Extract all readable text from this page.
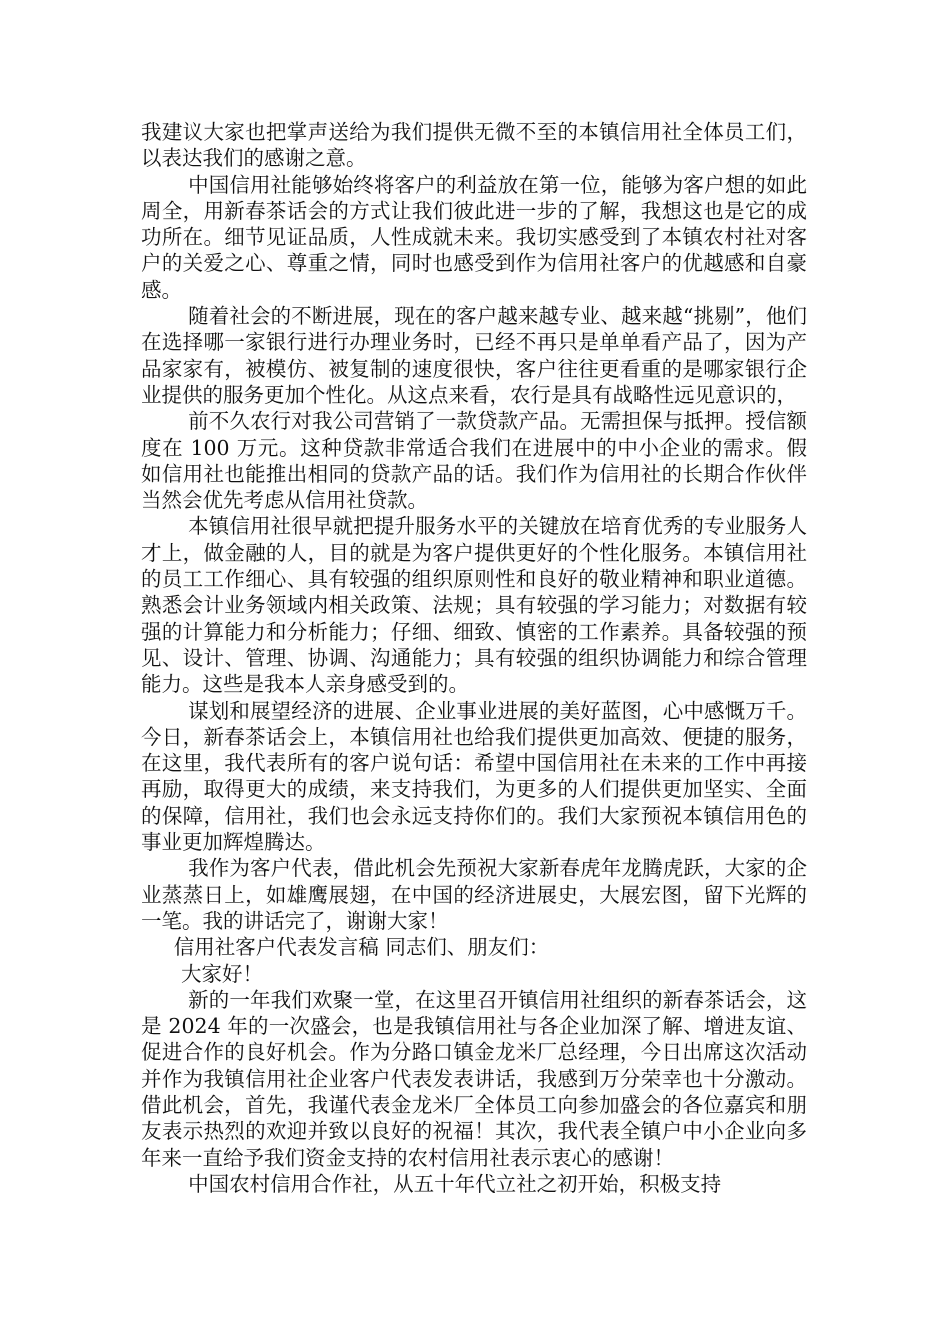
我建议大家也把掌声送给为我们提供无微不至的本镇信用社全体员工们，以表达我们的感谢之意。

中国信用社能够始终将客户的利益放在第一位，能够为客户想的如此周全，用新春茶话会的方式让我们彼此进一步的了解，我想这也是它的成功所在。细节见证品质，人性成就未来。我切实感受到了本镇农村社对客户的关爱之心、尊重之情，同时也感受到作为信用社客户的优越感和自豪感。

随着社会的不断进展，现在的客户越来越专业、越来越“挑剔”，他们在选择哪一家银行进行办理业务时，已经不再只是单单看产品了，因为产品家家有，被模仿、被复制的速度很快，客户往往更看重的是哪家银行企业提供的服务更加个性化。从这点来看，农行是具有战略性远见意识的，

前不久农行对我公司营销了一款贷款产品。无需担保与抵押。授信额度在 100 万元。这种贷款非常适合我们在进展中的中小企业的需求。假如信用社也能推出相同的贷款产品的话。我们作为信用社的长期合作伙伴当然会优先考虑从信用社贷款。

本镇信用社很早就把提升服务水平的关键放在培育优秀的专业服务人才上，做金融的人，目的就是为客户提供更好的个性化服务。本镇信用社的员工工作细心、具有较强的组织原则性和良好的敬业精神和职业道德。熟悉会计业务领域内相关政策、法规；具有较强的学习能力；对数据有较强的计算能力和分析能力；仔细、细致、慎密的工作素养。具备较强的预见、设计、管理、协调、沟通能力；具有较强的组织协调能力和综合管理能力。这些是我本人亲身感受到的。

谋划和展望经济的进展、企业事业进展的美好蓝图，心中感慨万千。今日，新春茶话会上，本镇信用社也给我们提供更加高效、便捷的服务，在这里，我代表所有的客户说句话：希望中国信用社在未来的工作中再接再励，取得更大的成绩，来支持我们，为更多的人们提供更加坚实、全面的保障，信用社，我们也会永远支持你们的。我们大家预祝本镇信用色的事业更加辉煌腾达。

我作为客户代表，借此机会先预祝大家新春虎年龙腾虎跃，大家的企业蒸蒸日上，如雄鹰展翅，在中国的经济进展史，大展宏图，留下光辉的一笔。我的讲话完了，谢谢大家！

信用社客户代表发言稿 同志们、朋友们：

大家好！

新的一年我们欢聚一堂，在这里召开镇信用社组织的新春茶话会，这是 2024 年的一次盛会，也是我镇信用社与各企业加深了解、增进友谊、促进合作的良好机会。作为分路口镇金龙米厂总经理，今日出席这次活动并作为我镇信用社企业客户代表发表讲话，我感到万分荣幸也十分激动。借此机会，首先，我谨代表金龙米厂全体员工向参加盛会的各位嘉宾和朋友表示热烈的欢迎并致以良好的祝福！其次，我代表全镇户中小企业向多年来一直给予我们资金支持的农村信用社表示衷心的感谢！

中国农村信用合作社，从五十年代立社之初开始，积极支持
